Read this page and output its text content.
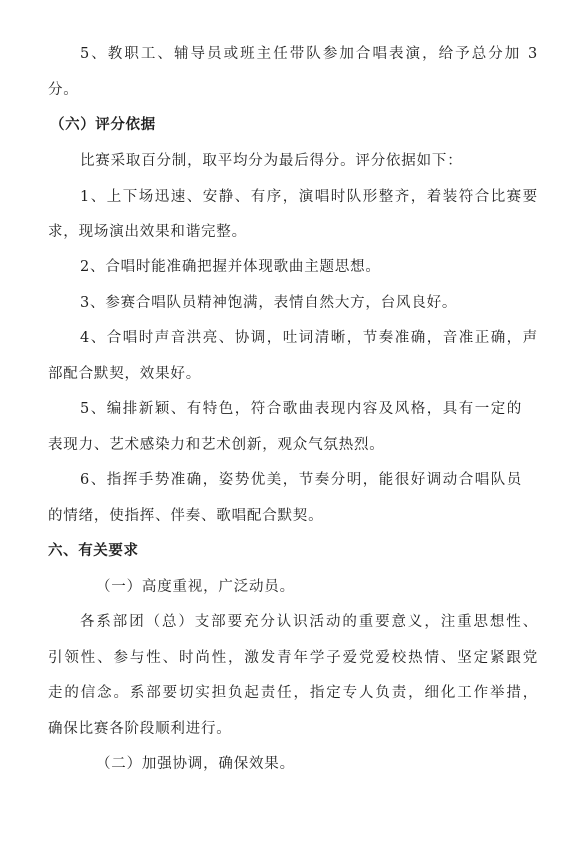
5、教职工、辅导员或班主任带队参加合唱表演，给予总分加 3
分。
（六）评分依据
比赛采取百分制，取平均分为最后得分。评分依据如下：
1、上下场迅速、安静、有序，演唱时队形整齐，着装符合比赛要
求，现场演出效果和谐完整。
2、合唱时能准确把握并体现歌曲主题思想。
3、参赛合唱队员精神饱满，表情自然大方，台风良好。
4、合唱时声音洪亮、协调，吐词清晰，节奏准确，音准正确，声
部配合默契，效果好。
5、编排新颖、有特色，符合歌曲表现内容及风格，具有一定的
表现力、艺术感染力和艺术创新，观众气氛热烈。
6、指挥手势准确，姿势优美，节奏分明，能很好调动合唱队员
的情绪，使指挥、伴奏、歌唱配合默契。
六、有关要求
（一）高度重视，广泛动员。
各系部团（总）支部要充分认识活动的重要意义，注重思想性、
引领性、参与性、时尚性，激发青年学子爱党爱校热情、坚定紧跟党
走的信念。系部要切实担负起责任，指定专人负责，细化工作举措，
确保比赛各阶段顺利进行。
（二）加强协调，确保效果。
